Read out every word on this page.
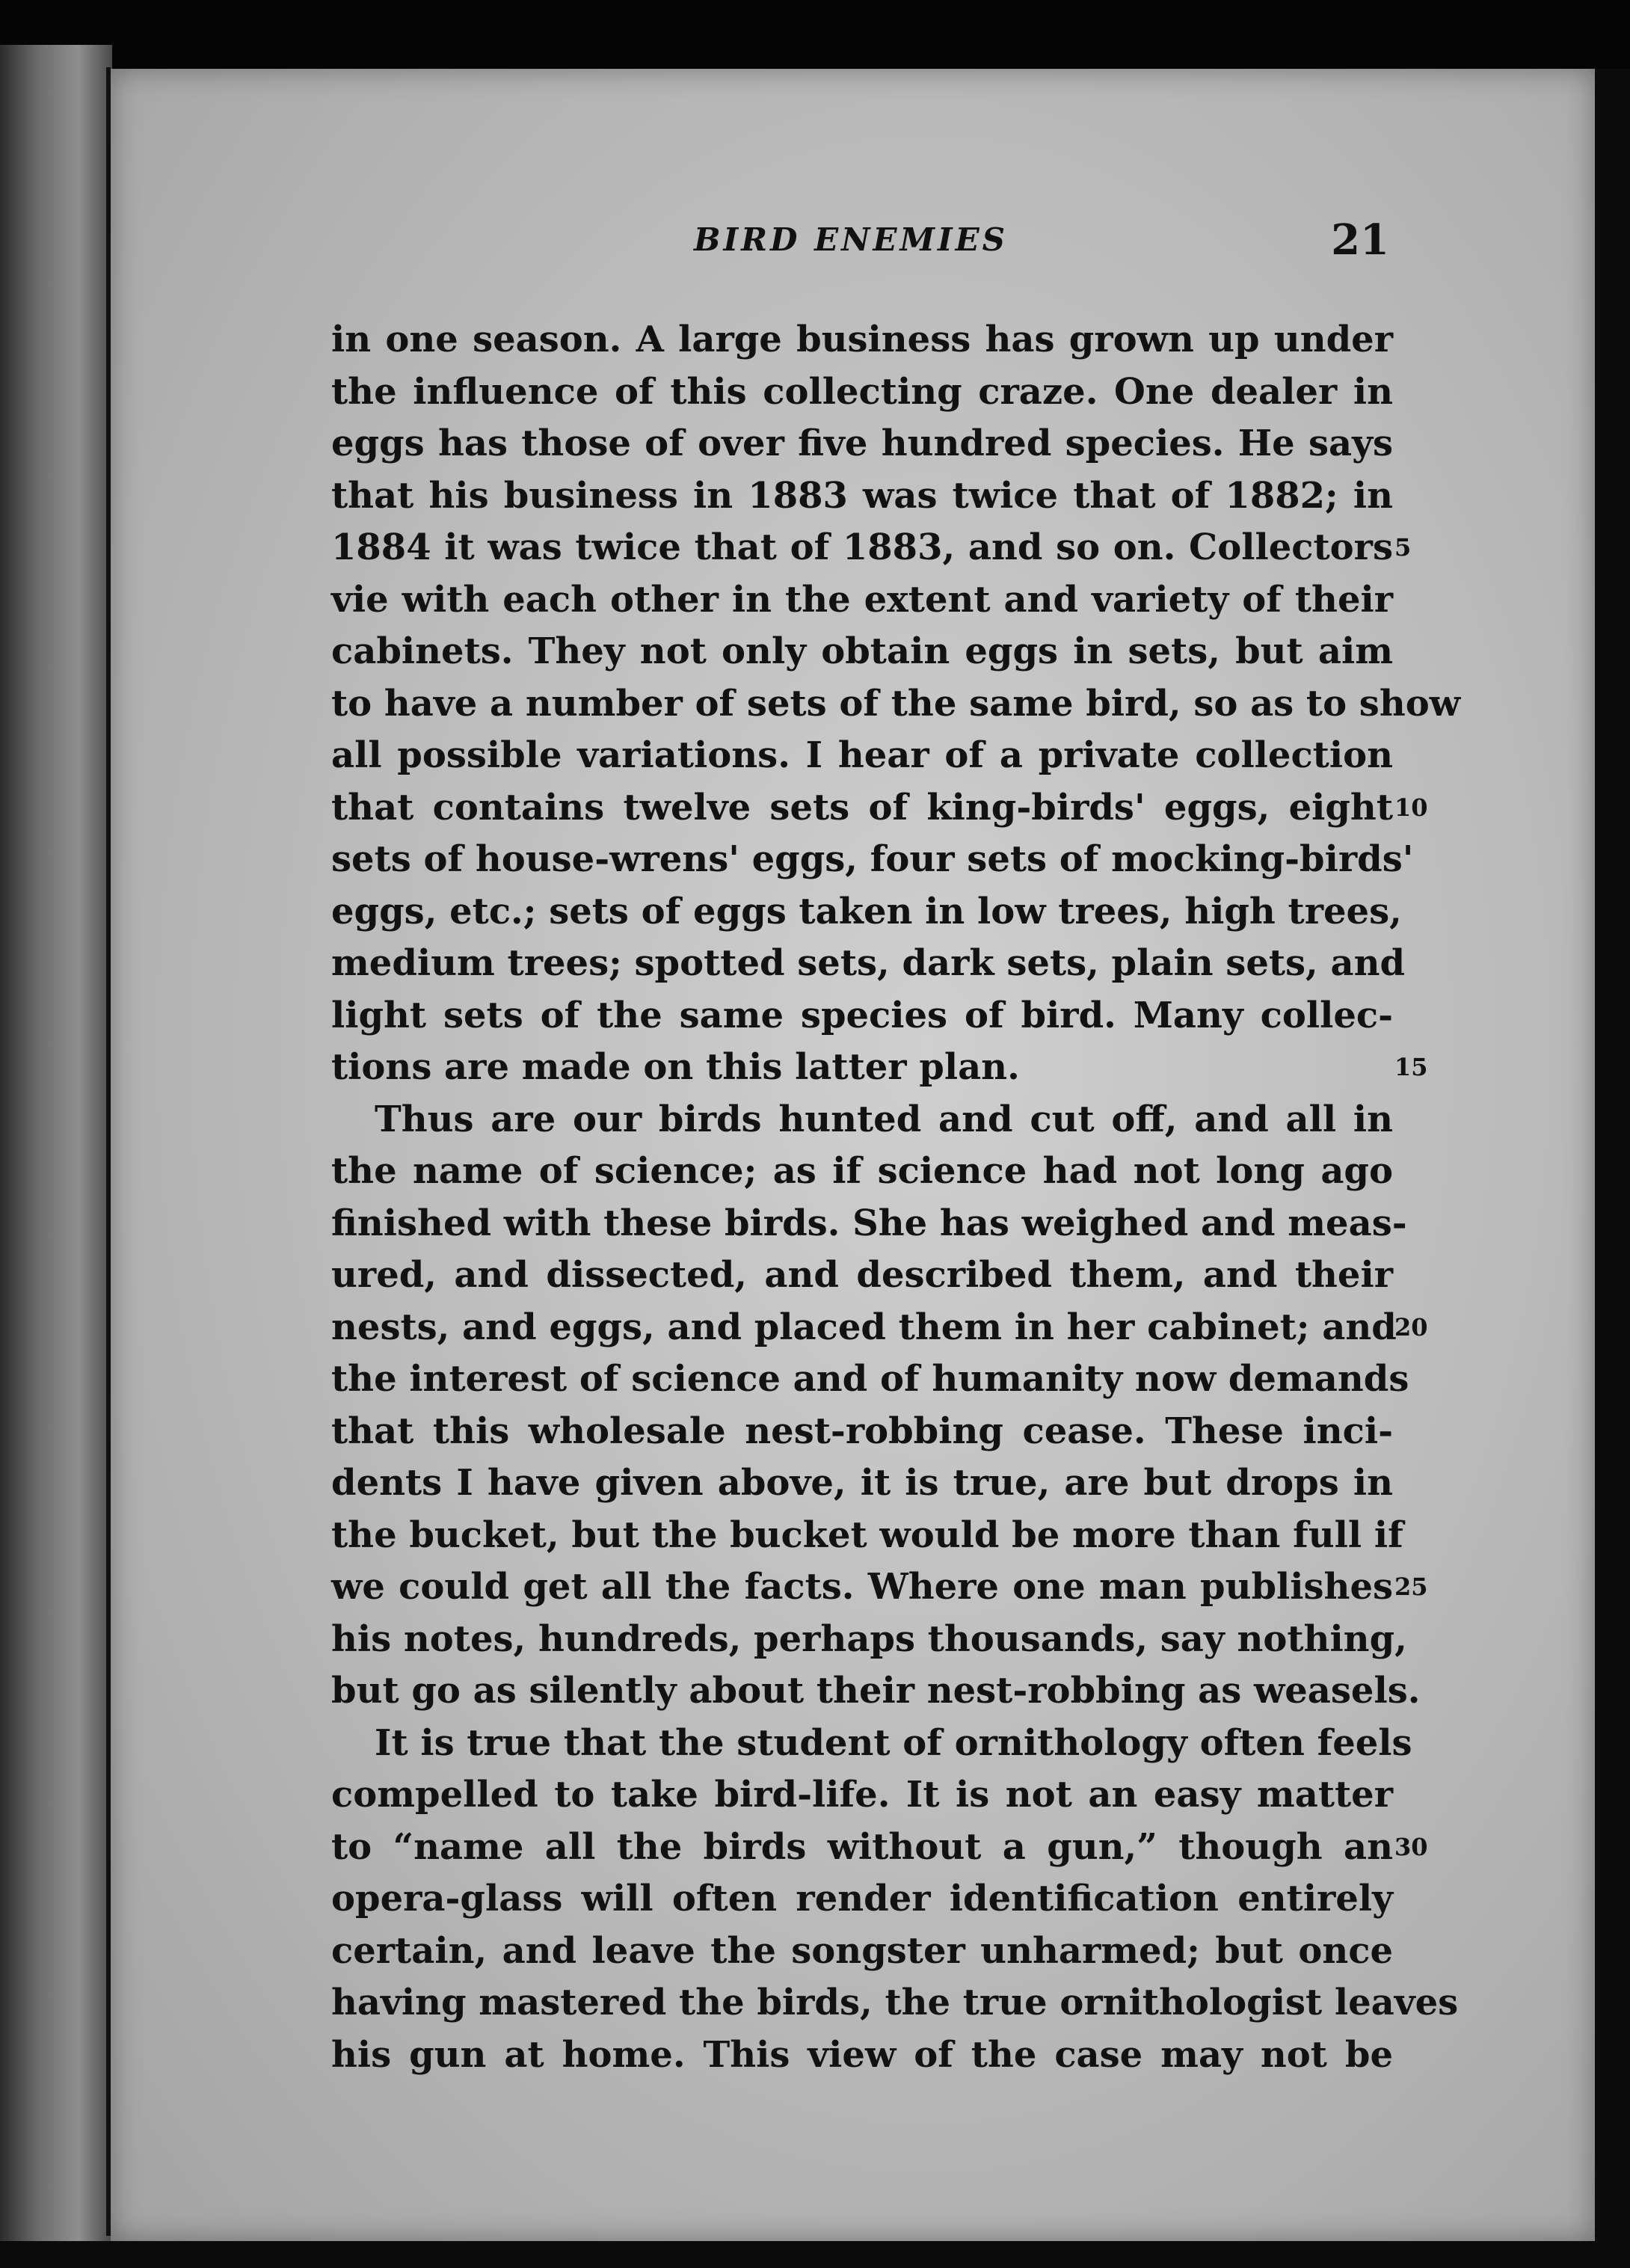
BIRD ENEMIES	21
in one season. A large business has grown up under
the influence of this collecting craze. One dealer in
eggs has those of over five hundred species. He says
that his business in 1883 was twice that of 1882; in
1884 it was twice that of 1883, and so on. Collectors 5
vie with each other in the extent and variety of their
cabinets. They not only obtain eggs in sets, but aim
to have a number of sets of the same bird, so as to show
all possible variations. I hear of a private collection
that contains twelve sets of king-birds' eggs, eight 10
sets of house-wrens' eggs, four sets of mocking-birds'
eggs, etc.; sets of eggs taken in low trees, high trees,
medium trees; spotted sets, dark sets, plain sets, and
light sets of the same species of bird. Many collec-
tions are made on this latter plan.	15
Thus are our birds hunted and cut off, and all in
the name of science; as if science had not long ago
finished with these birds. She has weighed and meas-
ured, and dissected, and described them, and their
nests, and eggs, and placed them in her cabinet; and
20
the interest of science and of humanity now demands
that this wholesale nest-robbing cease. These inci-
dents I have given above, it is true, are but drops in
the bucket, but the bucket would be more than full if
we could get all the facts. Where one man publishes 25
his notes, hundreds, perhaps thousands, say nothing,
but go as silently about their nest-robbing as weasels.
It is true that the student of ornithology often feels
compelled to take bird-life. It is not an easy matter
to “name all the birds without a gun,” though an 30
opera-glass will often render identification entirely
certain, and leave the songster unharmed; but once
having mastered the birds, the true ornithologist leaves
his gun at home. This view of the case may not be
